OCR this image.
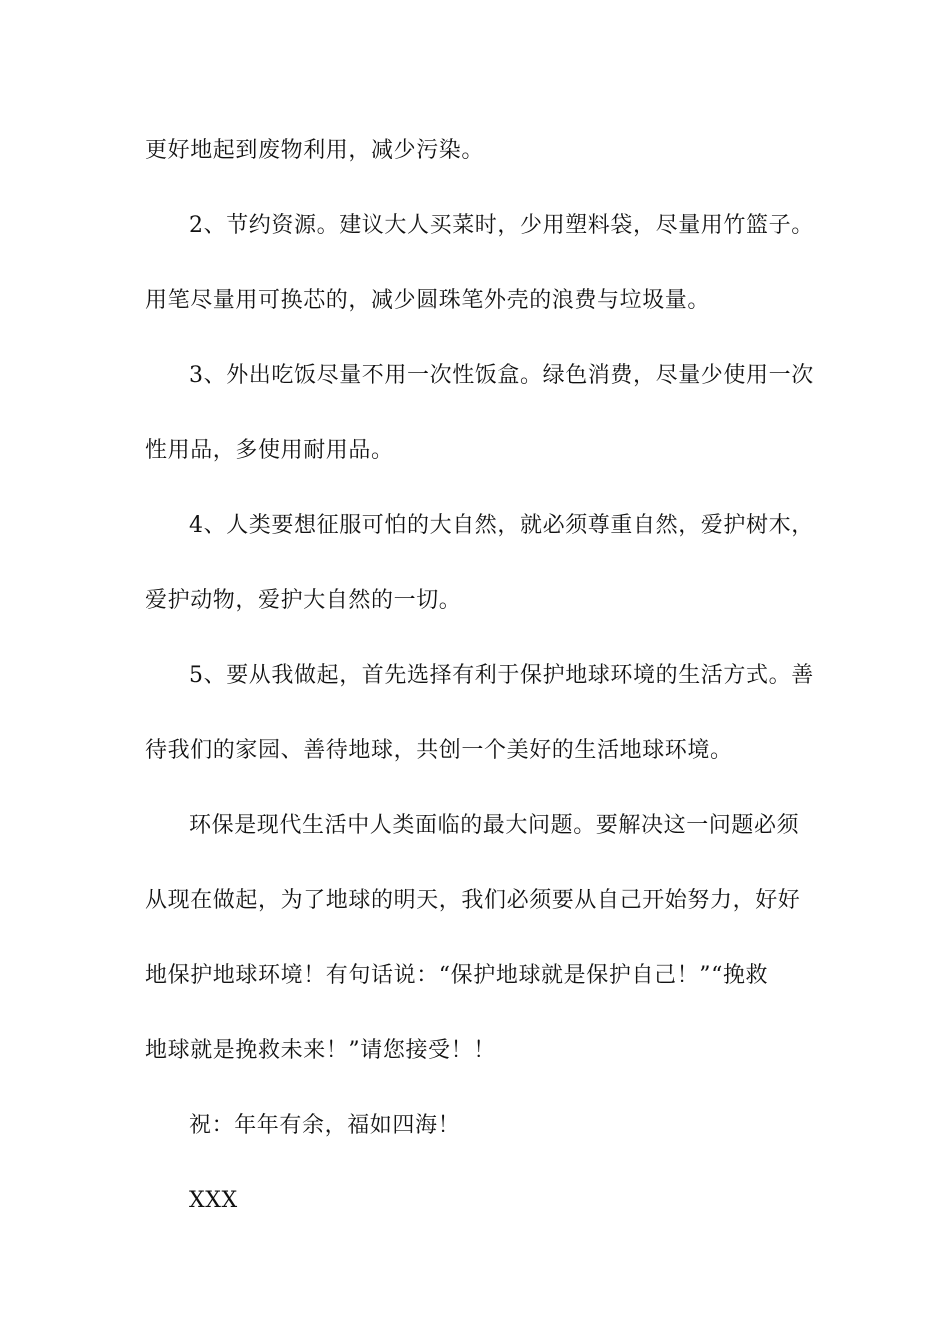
更好地起到废物利用，减少污染。
2、节约资源。建议大人买菜时，少用塑料袋，尽量用竹篮子。
用笔尽量用可换芯的，减少圆珠笔外壳的浪费与垃圾量。
3、外出吃饭尽量不用一次性饭盒。绿色消费，尽量少使用一次
性用品，多使用耐用品。
4、人类要想征服可怕的大自然，就必须尊重自然，爱护树木，
爱护动物，爱护大自然的一切。
5、要从我做起，首先选择有利于保护地球环境的生活方式。善
待我们的家园、善待地球，共创一个美好的生活地球环境。
环保是现代生活中人类面临的最大问题。要解决这一问题必须
从现在做起，为了地球的明天，我们必须要从自己开始努力，好好
地保护地球环境！有句话说：“保护地球就是保护自己！”“挽救
地球就是挽救未来！”请您接受！！
祝：年年有余，福如四海！
XXX
